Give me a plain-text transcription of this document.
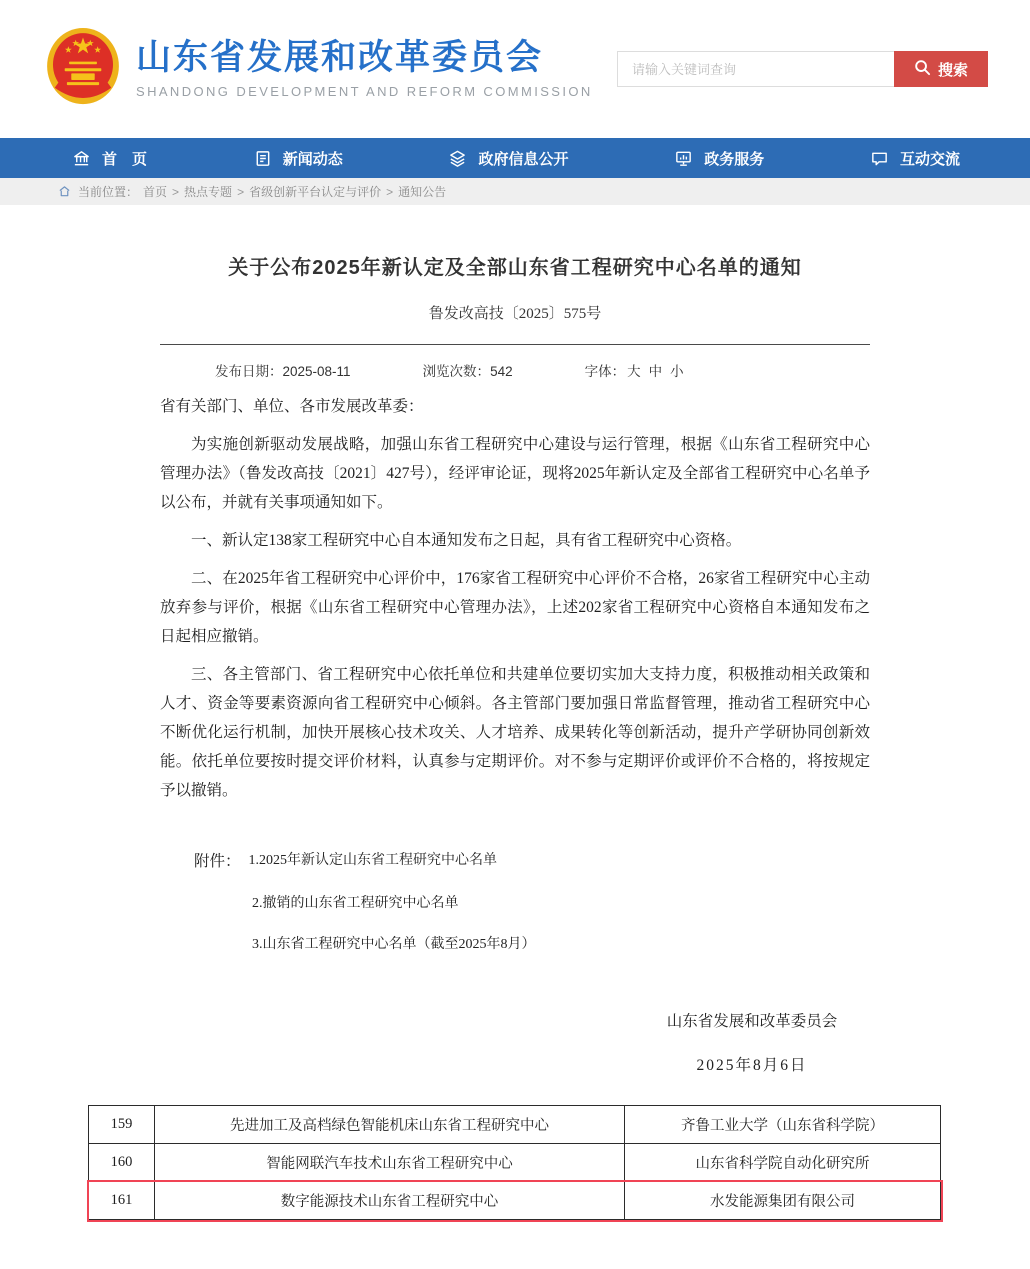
山东省发展和改革委员会
SHANDONG DEVELOPMENT AND REFORM COMMISSION
请输入关键词查询
搜索
首　页	新闻动态	政府信息公开	政务服务	互动交流
当前位置： 首页 > 热点专题 > 省级创新平台认定与评价 > 通知公告
关于公布2025年新认定及全部山东省工程研究中心名单的通知
鲁发改高技〔2025〕575号
发布日期：2025-08-11	浏览次数：542	字体： 大 中 小

省有关部门、单位、各市发展改革委：

为实施创新驱动发展战略，加强山东省工程研究中心建设与运行管理，根据《山东省工程研究中心管理办法》（鲁发改高技〔2021〕427号），经评审论证，现将2025年新认定及全部省工程研究中心名单予以公布，并就有关事项通知如下。

一、新认定138家工程研究中心自本通知发布之日起，具有省工程研究中心资格。

二、在2025年省工程研究中心评价中，176家省工程研究中心评价不合格，26家省工程研究中心主动放弃参与评价，根据《山东省工程研究中心管理办法》，上述202家省工程研究中心资格自本通知发布之日起相应撤销。

三、各主管部门、省工程研究中心依托单位和共建单位要切实加大支持力度，积极推动相关政策和人才、资金等要素资源向省工程研究中心倾斜。各主管部门要加强日常监督管理，推动省工程研究中心不断优化运行机制，加快开展核心技术攻关、人才培养、成果转化等创新活动，提升产学研协同创新效能。依托单位要按时提交评价材料，认真参与定期评价。对不参与定期评价或评价不合格的，将按规定予以撤销。

附件： 1.2025年新认定山东省工程研究中心名单
2.撤销的山东省工程研究中心名单
3.山东省工程研究中心名单（截至2025年8月）
山东省发展和改革委员会
2025年8月6日
159	先进加工及高档绿色智能机床山东省工程研究中心	齐鲁工业大学（山东省科学院）
160	智能网联汽车技术山东省工程研究中心	山东省科学院自动化研究所
161	数字能源技术山东省工程研究中心	水发能源集团有限公司
